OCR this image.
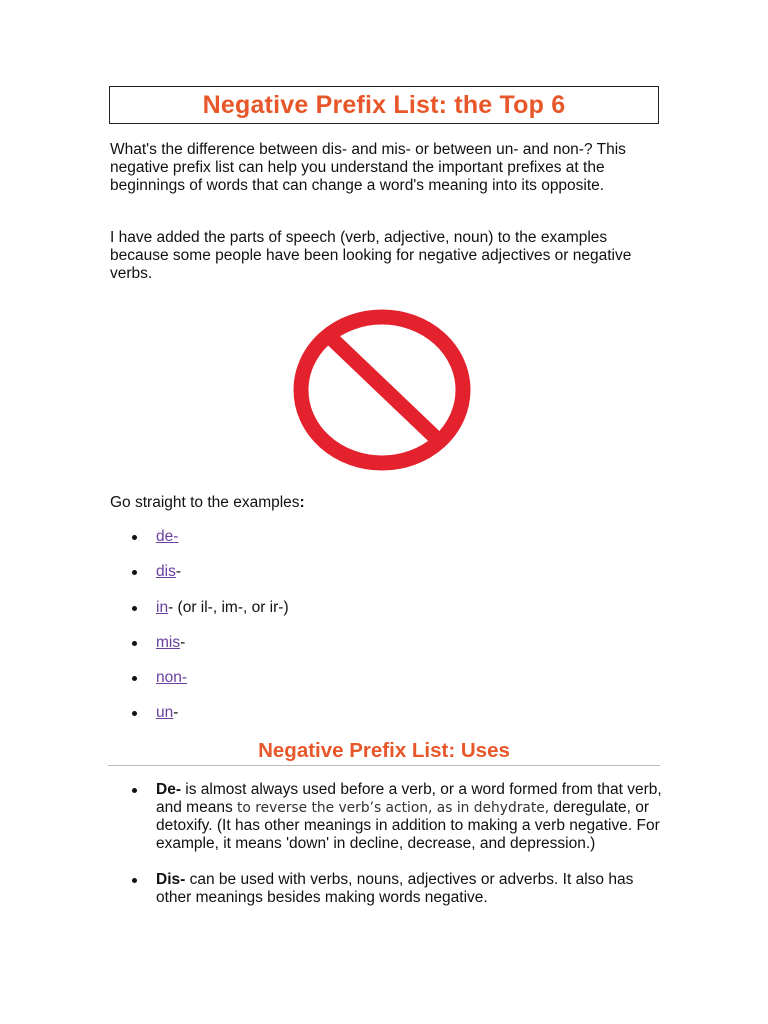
Negative Prefix List: the Top 6

What's the difference between dis- and mis- or between un- and non-? This negative prefix list can help you understand the important prefixes at the beginnings of words that can change a word's meaning into its opposite.

I have added the parts of speech (verb, adjective, noun) to the examples because some people have been looking for negative adjectives or negative verbs.

Go straight to the examples:

de-
dis-
in- (or il-, im-, or ir-)
mis-
non-
un-
Negative Prefix List: Uses
De- is almost always used before a verb, or a word formed from that verb, and means to reverse the verb’s action, as in dehydrate, deregulate, or detoxify. (It has other meanings in addition to making a verb negative. For example, it means 'down' in decline, decrease, and depression.)
Dis- can be used with verbs, nouns, adjectives or adverbs. It also has other meanings besides making words negative.
